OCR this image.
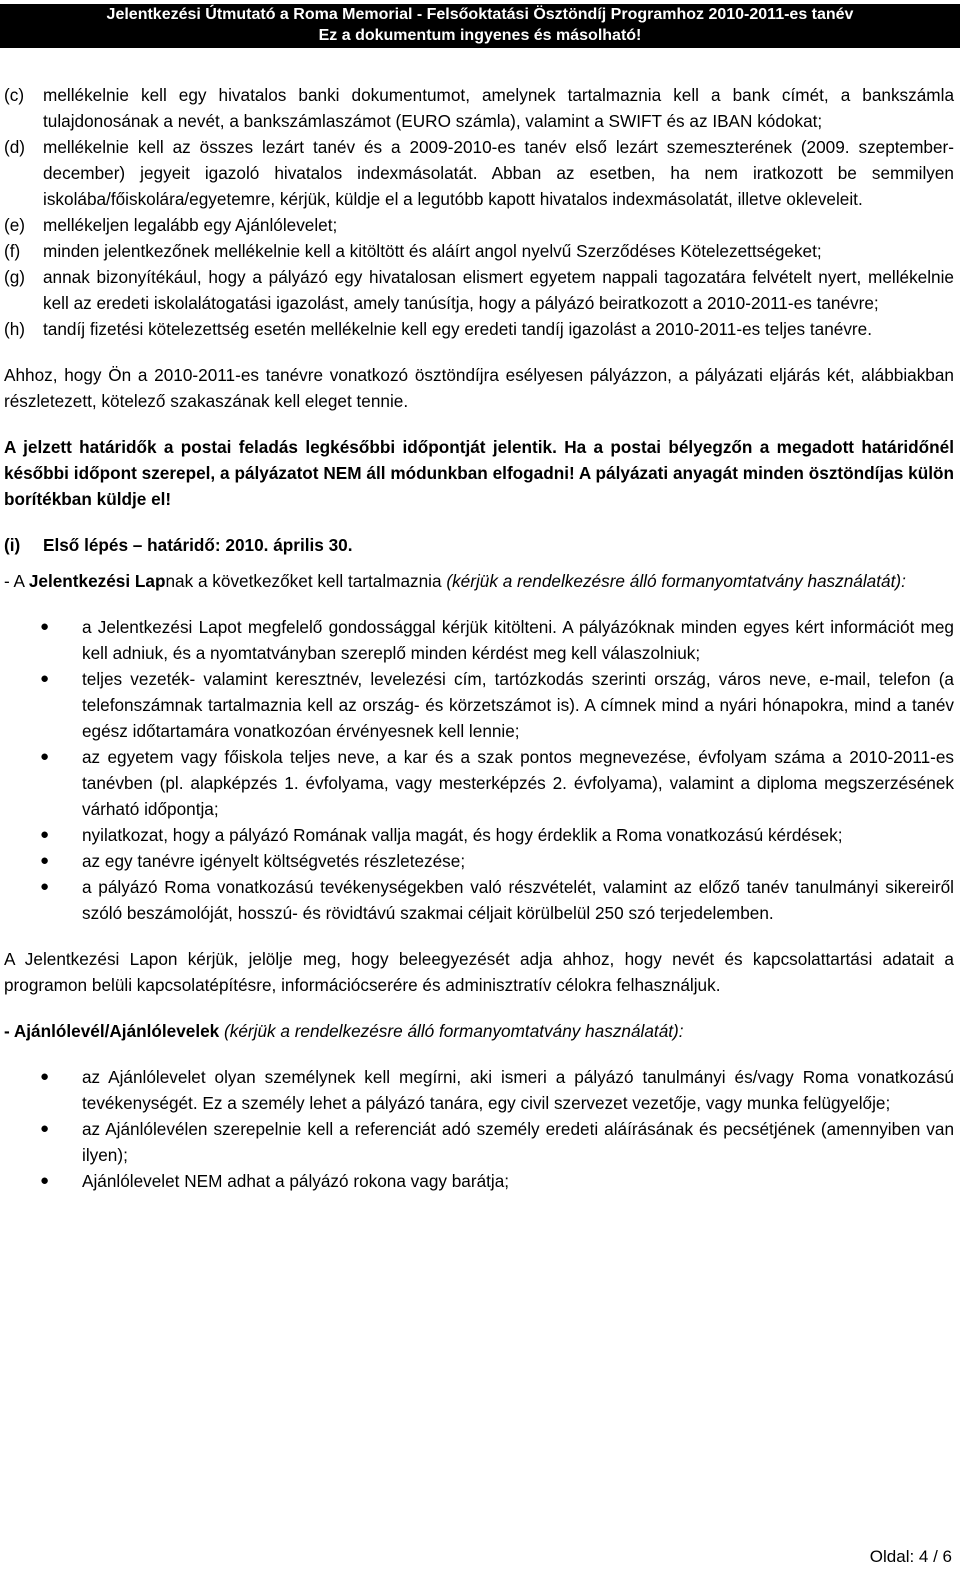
Jelentkezési Útmutató a Roma Memorial - Felsőoktatási Ösztöndíj Programhoz 2010-2011-es tanév
Ez a dokumentum ingyenes és másolható!
(c) mellékelnie kell egy hivatalos banki dokumentumot, amelynek tartalmaznia kell a bank címét, a bankszámla tulajdonosának a nevét, a bankszámlaszámot (EURO számla), valamint a SWIFT és az IBAN kódokat;
(d) mellékelnie kell az összes lezárt tanév és a 2009-2010-es tanév első lezárt szemeszterének (2009. szeptember-december) jegyeit igazoló hivatalos indexmásolatát. Abban az esetben, ha nem iratkozott be semmilyen iskolába/főiskolára/egyetemre, kérjük, küldje el a legutóbb kapott hivatalos indexmásolatát, illetve okleveleit.
(e) mellékeljen legalább egy Ajánlólevelet;
(f) minden jelentkezőnek mellékelnie kell a kitöltött és aláírt angol nyelvű Szerződéses Kötelezettségeket;
(g) annak bizonyítékául, hogy a pályázó egy hivatalosan elismert egyetem nappali tagozatára felvételt nyert, mellékelnie kell az eredeti iskolalátogatási igazolást, amely tanúsítja, hogy a pályázó beiratkozott a 2010-2011-es tanévre;
(h) tandíj fizetési kötelezettség esetén mellékelnie kell egy eredeti tandíj igazolást a 2010-2011-es teljes tanévre.
Ahhoz, hogy Ön a 2010-2011-es tanévre vonatkozó ösztöndíjra esélyesen pályázzon, a pályázati eljárás két, alábbiakban részletezett, kötelező szakaszának kell eleget tennie.
A jelzett határidők a postai feladás legkésőbbi időpontját jelentik. Ha a postai bélyegzőn a megadott határidőnél későbbi időpont szerepel, a pályázatot NEM áll módunkban elfogadni! A pályázati anyagát minden ösztöndíjas külön borítékban küldje el!
(i) Első lépés – határidő: 2010. április 30.
- A Jelentkezési Lapnak a következőket kell tartalmaznia (kérjük a rendelkezésre álló formanyomtatvány használatát):
● a Jelentkezési Lapot megfelelő gondossággal kérjük kitölteni. A pályázóknak minden egyes kért információt meg kell adniuk, és a nyomtatványban szereplő minden kérdést meg kell válaszolniuk;
● teljes vezeték- valamint keresztnév, levelezési cím, tartózkodás szerinti ország, város neve, e-mail, telefon (a telefonszámnak tartalmaznia kell az ország- és körzetszámot is). A címnek mind a nyári hónapokra, mind a tanév egész időtartamára vonatkozóan érvényesnek kell lennie;
● az egyetem vagy főiskola teljes neve, a kar és a szak pontos megnevezése, évfolyam száma a 2010-2011-es tanévben (pl. alapképzés 1. évfolyama, vagy mesterképzés 2. évfolyama), valamint a diploma megszerzésének várható időpontja;
● nyilatkozat, hogy a pályázó Romának vallja magát, és hogy érdeklik a Roma vonatkozású kérdések;
● az egy tanévre igényelt költségvetés részletezése;
● a pályázó Roma vonatkozású tevékenységekben való részvételét, valamint az előző tanév tanulmányi sikereiről szóló beszámolóját, hosszú- és rövidtávú szakmai céljait körülbelül 250 szó terjedelemben.
A Jelentkezési Lapon kérjük, jelölje meg, hogy beleegyezését adja ahhoz, hogy nevét és kapcsolattartási adatait a programon belüli kapcsolatépítésre, információcserére és adminisztratív célokra felhasználjuk.
- Ajánlólevél/Ajánlólevelek (kérjük a rendelkezésre álló formanyomtatvány használatát):
● az Ajánlólevelet olyan személynek kell megírni, aki ismeri a pályázó tanulmányi és/vagy Roma vonatkozású tevékenységét. Ez a személy lehet a pályázó tanára, egy civil szervezet vezetője, vagy munka felügyelője;
● az Ajánlólevélen szerepelnie kell a referenciát adó személy eredeti aláírásának és pecsétjének (amennyiben van ilyen);
● Ajánlólevelet NEM adhat a pályázó rokona vagy barátja;
Oldal: 4 / 6
